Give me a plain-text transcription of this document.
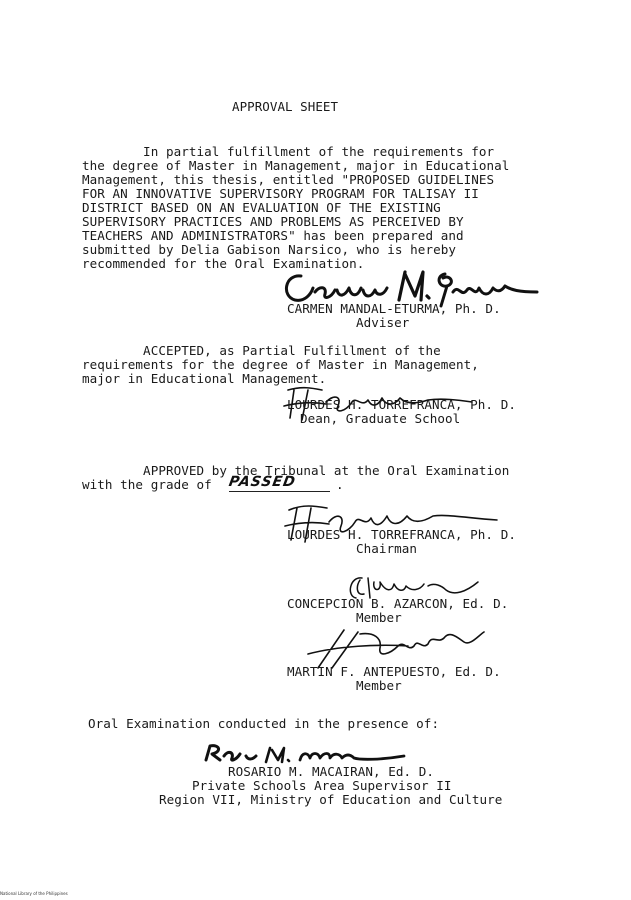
APPROVAL SHEET
In partial fulfillment of the requirements for
the degree of Master in Management, major in Educational
Management, this thesis, entitled "PROPOSED GUIDELINES
FOR AN INNOVATIVE SUPERVISORY PROGRAM FOR TALISAY II
DISTRICT BASED ON AN EVALUATION OF THE EXISTING
SUPERVISORY PRACTICES AND PROBLEMS AS PERCEIVED BY
TEACHERS AND ADMINISTRATORS" has been prepared and
submitted by Delia Gabison Narsico, who is hereby
recommended for the Oral Examination.
CARMEN MANDAL-ETURMA, Ph. D.
Adviser
ACCEPTED, as Partial Fulfillment of the
requirements for the degree of Master in Management,
major in Educational Management.
LOURDES H. TORREFRANCA, Ph. D.
Dean, Graduate School
APPROVED by the Tribunal at the Oral Examination
with the grade of PASSED	.
LOURDES H. TORREFRANCA, Ph. D.
Chairman
CONCEPCION B. AZARCON, Ed. D.
Member
MARTIN F. ANTEPUESTO, Ed. D.
Member
Oral Examination conducted in the presence of:
ROSARIO M. MACAIRAN, Ed. D.
Private Schools Area Supervisor II
Region VII, Ministry of Education and Culture
National Library of the Philippines
